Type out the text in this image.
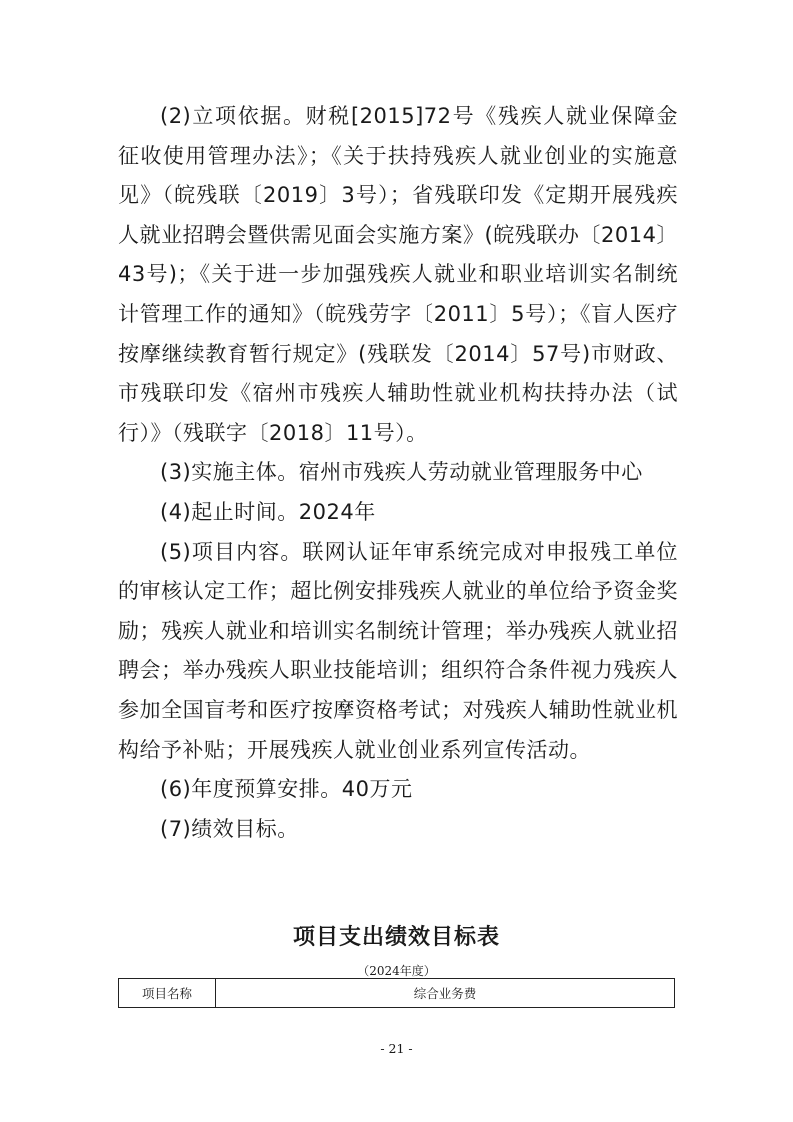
(2)立项依据。财税[2015]72号《残疾人就业保障金征收使用管理办法》；《关于扶持残疾人就业创业的实施意见》（皖残联〔2019〕3号）；省残联印发《定期开展残疾人就业招聘会暨供需见面会实施方案》(皖残联办〔2014〕43号)；《关于进一步加强残疾人就业和职业培训实名制统计管理工作的通知》（皖残劳字〔2011〕5号）；《盲人医疗按摩继续教育暂行规定》(残联发〔2014〕57号)市财政、市残联印发《宿州市残疾人辅助性就业机构扶持办法（试行）》（残联字〔2018〕11号）。

(3)实施主体。宿州市残疾人劳动就业管理服务中心

(4)起止时间。2024年

(5)项目内容。联网认证年审系统完成对申报残工单位的审核认定工作；超比例安排残疾人就业的单位给予资金奖励；残疾人就业和培训实名制统计管理；举办残疾人就业招聘会；举办残疾人职业技能培训；组织符合条件视力残疾人参加全国盲考和医疗按摩资格考试；对残疾人辅助性就业机构给予补贴；开展残疾人就业创业系列宣传活动。

(6)年度预算安排。40万元

(7)绩效目标。

项目支出绩效目标表
（2024年度）
项目名称	综合业务费
- 21 -
